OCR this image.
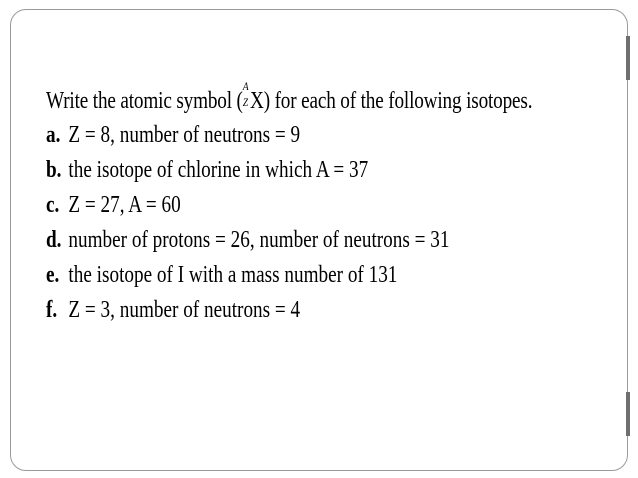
Write the atomic symbol (
A
Z X) for each of the following isotopes.
a. Z = 8, number of neutrons = 9
b. the isotope of chlorine in which A = 37
c. Z = 27, A = 60
d. number of protons = 26, number of neutrons = 31
e. the isotope of I with a mass number of 131
f. Z = 3, number of neutrons = 4
